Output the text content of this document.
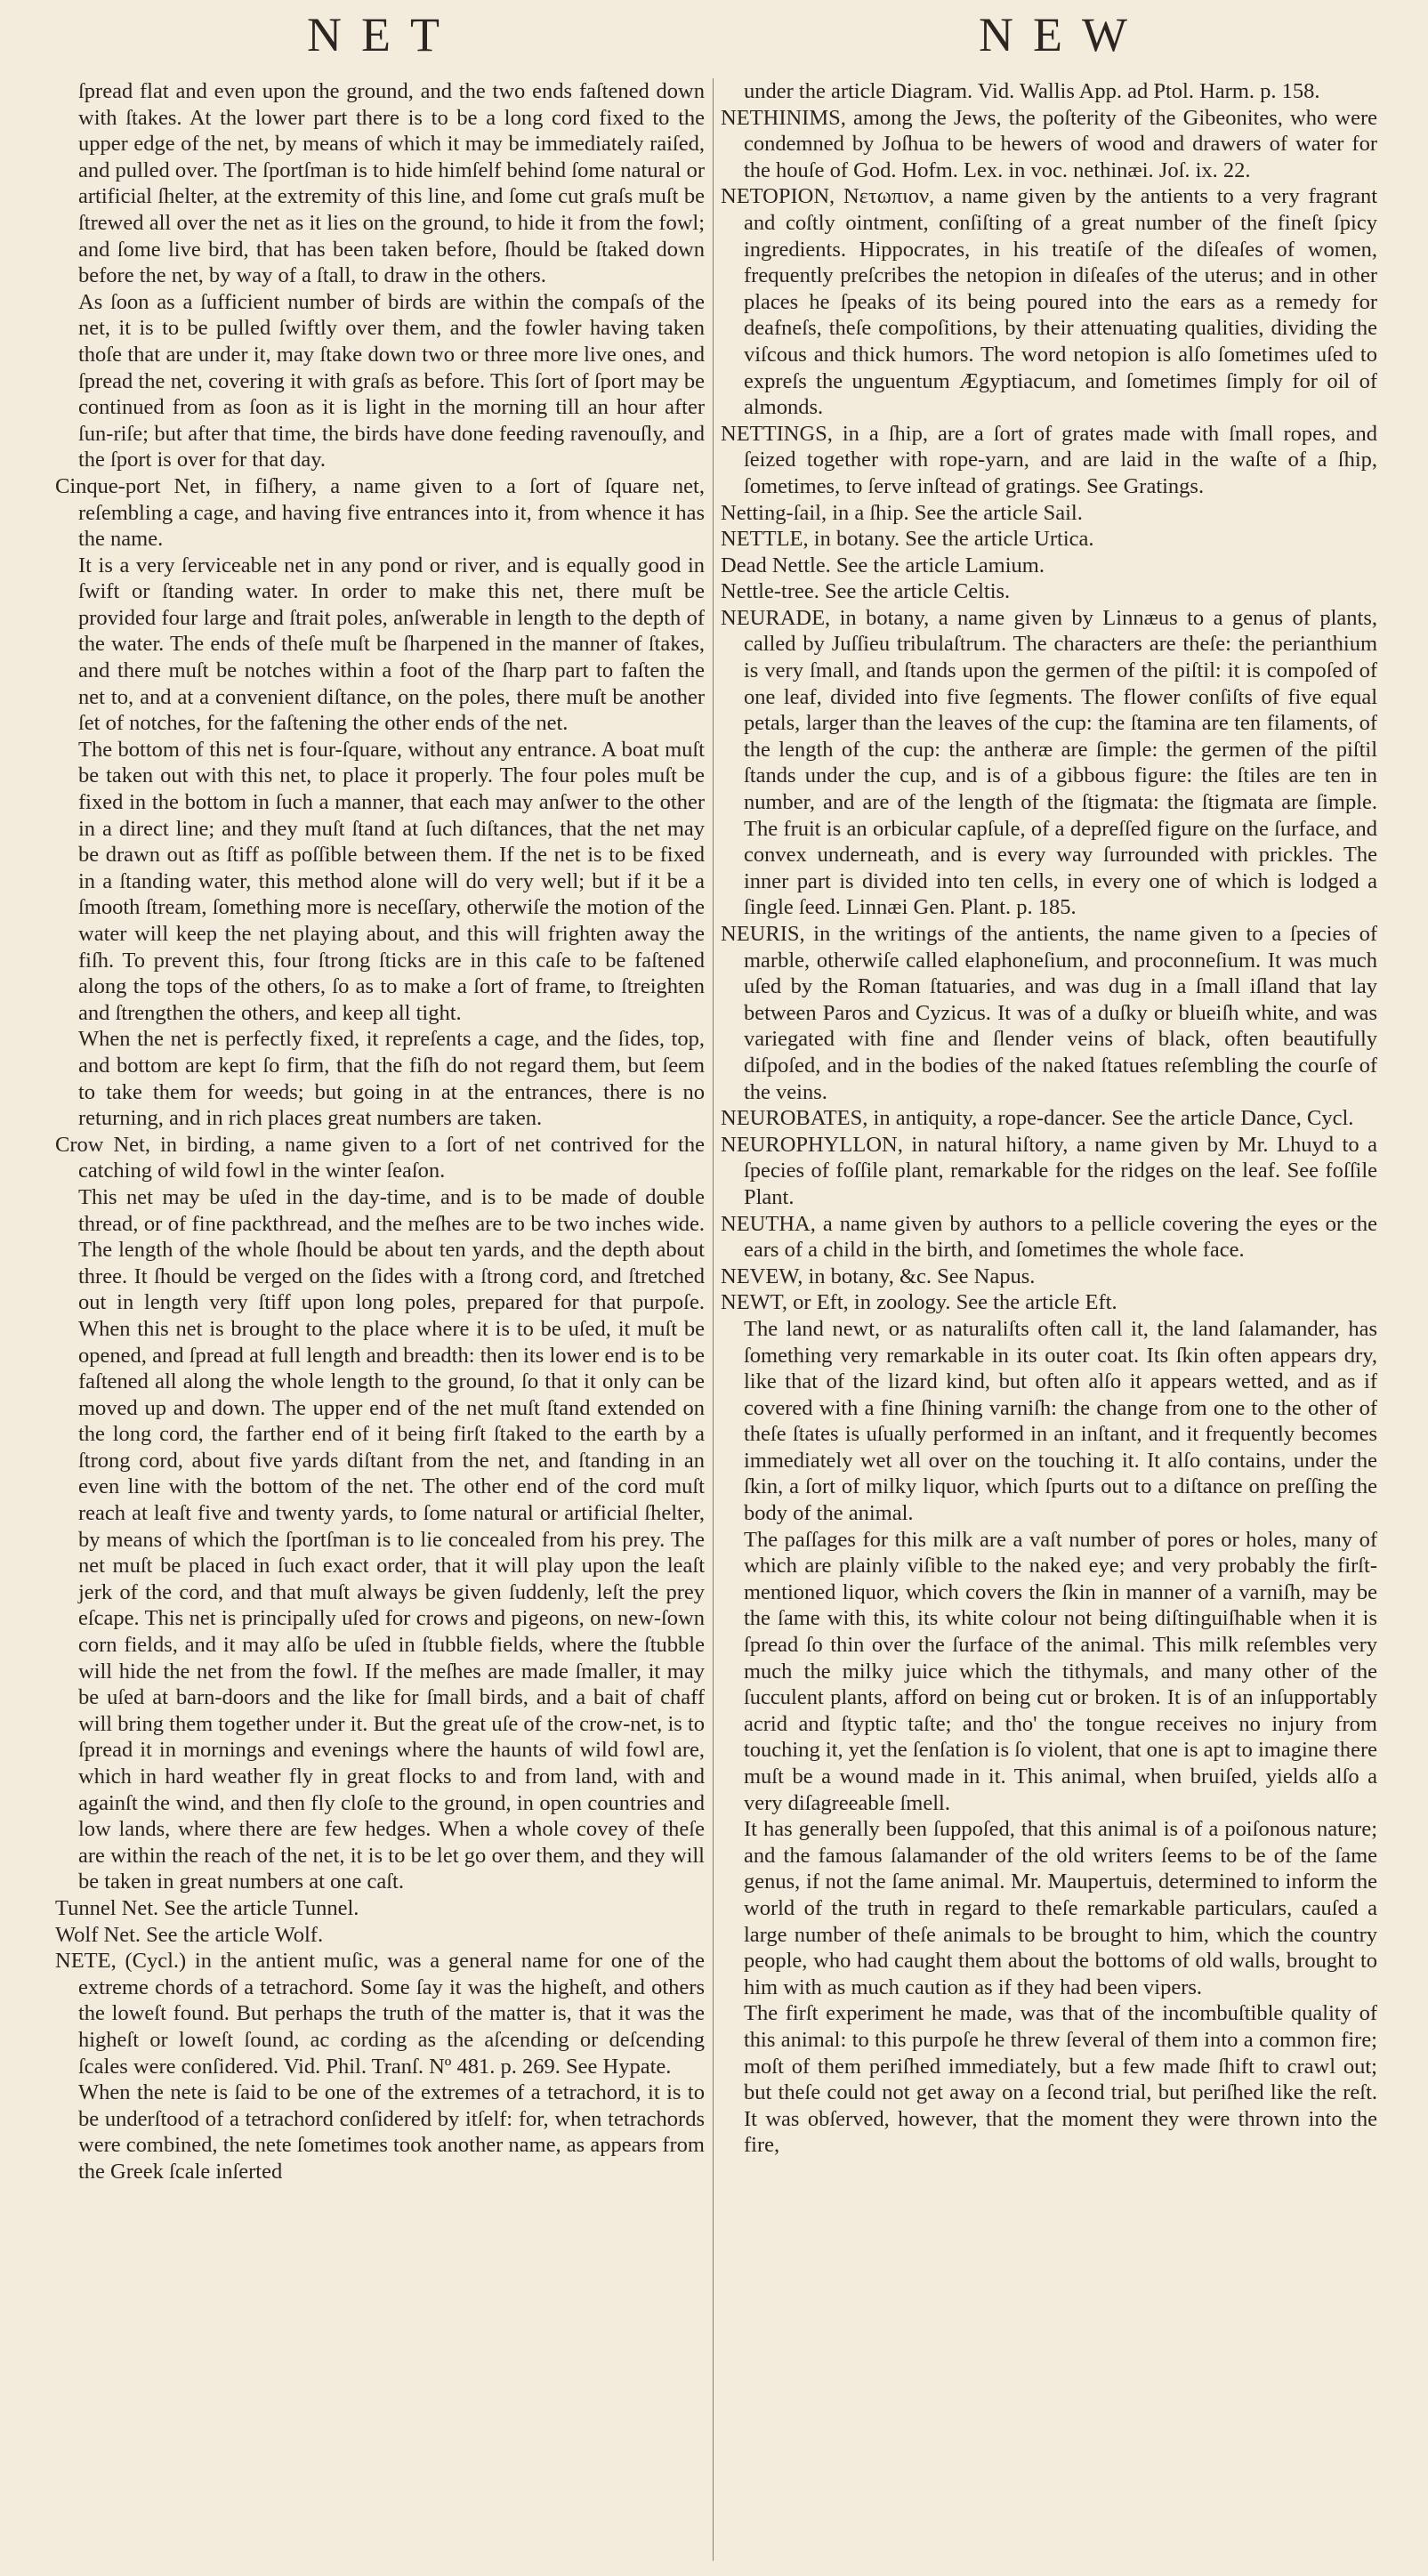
NET	NEW

ſpread flat and even upon the ground, and the two ends faſtened down with ſtakes. At the lower part there is to be a long cord fixed to the upper edge of the net, by means of which it may be immediately raiſed, and pulled over. The ſportſman is to hide himſelf behind ſome natural or artificial ſhelter, at the extremity of this line, and ſome cut graſs muſt be ſtrewed all over the net as it lies on the ground, to hide it from the fowl; and ſome live bird, that has been taken before, ſhould be ſtaked down before the net, by way of a ſtall, to draw in the others.

As ſoon as a ſufficient number of birds are within the compaſs of the net, it is to be pulled ſwiftly over them, and the fowler having taken thoſe that are under it, may ſtake down two or three more live ones, and ſpread the net, covering it with graſs as before. This ſort of ſport may be continued from as ſoon as it is light in the morning till an hour after ſun-riſe; but after that time, the birds have done feeding ravenouſly, and the ſport is over for that day.

Cinque-port Net, in fiſhery, a name given to a ſort of ſquare net, reſembling a cage, and having five entrances into it, from whence it has the name.

It is a very ſerviceable net in any pond or river, and is equally good in ſwift or ſtanding water. In order to make this net, there muſt be provided four large and ſtrait poles, anſwerable in length to the depth of the water. The ends of theſe muſt be ſharpened in the manner of ſtakes, and there muſt be notches within a foot of the ſharp part to faſten the net to, and at a convenient diſtance, on the poles, there muſt be another ſet of notches, for the faſtening the other ends of the net.

The bottom of this net is four-ſquare, without any entrance. A boat muſt be taken out with this net, to place it properly. The four poles muſt be fixed in the bottom in ſuch a manner, that each may anſwer to the other in a direct line; and they muſt ſtand at ſuch diſtances, that the net may be drawn out as ſtiff as poſſible between them. If the net is to be fixed in a ſtanding water, this method alone will do very well; but if it be a ſmooth ſtream, ſomething more is neceſſary, otherwiſe the motion of the water will keep the net playing about, and this will frighten away the fiſh. To prevent this, four ſtrong ſticks are in this caſe to be faſtened along the tops of the others, ſo as to make a ſort of frame, to ſtreighten and ſtrengthen the others, and keep all tight.

When the net is perfectly fixed, it repreſents a cage, and the ſides, top, and bottom are kept ſo firm, that the fiſh do not regard them, but ſeem to take them for weeds; but going in at the entrances, there is no returning, and in rich places great numbers are taken.

Crow Net, in birding, a name given to a ſort of net contrived for the catching of wild fowl in the winter ſeaſon.

This net may be uſed in the day-time, and is to be made of double thread, or of fine packthread, and the meſhes are to be two inches wide. The length of the whole ſhould be about ten yards, and the depth about three. It ſhould be verged on the ſides with a ſtrong cord, and ſtretched out in length very ſtiff upon long poles, prepared for that purpoſe. When this net is brought to the place where it is to be uſed, it muſt be opened, and ſpread at full length and breadth: then its lower end is to be faſtened all along the whole length to the ground, ſo that it only can be moved up and down. The upper end of the net muſt ſtand extended on the long cord, the farther end of it being firſt ſtaked to the earth by a ſtrong cord, about five yards diſtant from the net, and ſtanding in an even line with the bottom of the net. The other end of the cord muſt reach at leaſt five and twenty yards, to ſome natural or artificial ſhelter, by means of which the ſportſman is to lie concealed from his prey. The net muſt be placed in ſuch exact order, that it will play upon the leaſt jerk of the cord, and that muſt always be given ſuddenly, leſt the prey eſcape. This net is principally uſed for crows and pigeons, on new-ſown corn fields, and it may alſo be uſed in ſtubble fields, where the ſtubble will hide the net from the fowl. If the meſhes are made ſmaller, it may be uſed at barn-doors and the like for ſmall birds, and a bait of chaff will bring them together under it. But the great uſe of the crow-net, is to ſpread it in mornings and evenings where the haunts of wild fowl are, which in hard weather fly in great flocks to and from land, with and againſt the wind, and then fly cloſe to the ground, in open countries and low lands, where there are few hedges. When a whole covey of theſe are within the reach of the net, it is to be let go over them, and they will be taken in great numbers at one caſt.

Tunnel Net. See the article Tunnel.

Wolf Net. See the article Wolf.

NETE, (Cycl.) in the antient muſic, was a general name for one of the extreme chords of a tetrachord. Some ſay it was the higheſt, and others the loweſt found. But perhaps the truth of the matter is, that it was the higheſt or loweſt ſound, ac cording as the aſcending or deſcending ſcales were conſidered. Vid. Phil. Tranſ. Nº 481. p. 269. See Hypate.

When the nete is ſaid to be one of the extremes of a tetrachord, it is to be underſtood of a tetrachord conſidered by itſelf: for, when tetrachords were combined, the nete ſometimes took another name, as appears from the Greek ſcale inſerted

under the article Diagram. Vid. Wallis App. ad Ptol. Harm. p. 158.

NETHINIMS, among the Jews, the poſterity of the Gibeonites, who were condemned by Joſhua to be hewers of wood and drawers of water for the houſe of God. Hofm. Lex. in voc. nethinæi. Joſ. ix. 22.

NETOPION, Νετωπιον, a name given by the antients to a very fragrant and coſtly ointment, conſiſting of a great number of the fineſt ſpicy ingredients. Hippocrates, in his treatiſe of the diſeaſes of women, frequently preſcribes the netopion in diſeaſes of the uterus; and in other places he ſpeaks of its being poured into the ears as a remedy for deafneſs, theſe compoſitions, by their attenuating qualities, dividing the viſcous and thick humors. The word netopion is alſo ſometimes uſed to expreſs the unguentum Ægyptiacum, and ſometimes ſimply for oil of almonds.

NETTINGS, in a ſhip, are a ſort of grates made with ſmall ropes, and ſeized together with rope-yarn, and are laid in the waſte of a ſhip, ſometimes, to ſerve inſtead of gratings. See Gratings.

Netting-ſail, in a ſhip. See the article Sail.

NETTLE, in botany. See the article Urtica.

Dead Nettle. See the article Lamium.

Nettle-tree. See the article Celtis.

NEURADE, in botany, a name given by Linnæus to a genus of plants, called by Juſſieu tribulaſtrum. The characters are theſe: the perianthium is very ſmall, and ſtands upon the germen of the piſtil: it is compoſed of one leaf, divided into five ſegments. The flower conſiſts of five equal petals, larger than the leaves of the cup: the ſtamina are ten filaments, of the length of the cup: the antheræ are ſimple: the germen of the piſtil ſtands under the cup, and is of a gibbous figure: the ſtiles are ten in number, and are of the length of the ſtigmata: the ſtigmata are ſimple. The fruit is an orbicular capſule, of a depreſſed figure on the ſurface, and convex underneath, and is every way ſurrounded with prickles. The inner part is divided into ten cells, in every one of which is lodged a ſingle ſeed. Linnæi Gen. Plant. p. 185.

NEURIS, in the writings of the antients, the name given to a ſpecies of marble, otherwiſe called elaphoneſium, and proconneſium. It was much uſed by the Roman ſtatuaries, and was dug in a ſmall iſland that lay between Paros and Cyzicus. It was of a duſky or blueiſh white, and was variegated with fine and ſlender veins of black, often beautifully diſpoſed, and in the bodies of the naked ſtatues reſembling the courſe of the veins.

NEUROBATES, in antiquity, a rope-dancer. See the article Dance, Cycl.

NEUROPHYLLON, in natural hiſtory, a name given by Mr. Lhuyd to a ſpecies of foſſile plant, remarkable for the ridges on the leaf. See foſſile Plant.

NEUTHA, a name given by authors to a pellicle covering the eyes or the ears of a child in the birth, and ſometimes the whole face.

NEVEW, in botany, &c. See Napus.

NEWT, or Eft, in zoology. See the article Eft.

The land newt, or as naturaliſts often call it, the land ſalamander, has ſomething very remarkable in its outer coat. Its ſkin often appears dry, like that of the lizard kind, but often alſo it appears wetted, and as if covered with a fine ſhining varniſh: the change from one to the other of theſe ſtates is uſually performed in an inſtant, and it frequently becomes immediately wet all over on the touching it. It alſo contains, under the ſkin, a ſort of milky liquor, which ſpurts out to a diſtance on preſſing the body of the animal.

The paſſages for this milk are a vaſt number of pores or holes, many of which are plainly viſible to the naked eye; and very probably the firſt-mentioned liquor, which covers the ſkin in manner of a varniſh, may be the ſame with this, its white colour not being diſtinguiſhable when it is ſpread ſo thin over the ſurface of the animal. This milk reſembles very much the milky juice which the tithymals, and many other of the ſucculent plants, afford on being cut or broken. It is of an inſupportably acrid and ſtyptic taſte; and tho' the tongue receives no injury from touching it, yet the ſenſation is ſo violent, that one is apt to imagine there muſt be a wound made in it. This animal, when bruiſed, yields alſo a very diſagreeable ſmell.

It has generally been ſuppoſed, that this animal is of a poiſonous nature; and the famous ſalamander of the old writers ſeems to be of the ſame genus, if not the ſame animal. Mr. Maupertuis, determined to inform the world of the truth in regard to theſe remarkable particulars, cauſed a large number of theſe animals to be brought to him, which the country people, who had caught them about the bottoms of old walls, brought to him with as much caution as if they had been vipers.

The firſt experiment he made, was that of the incombuſtible quality of this animal: to this purpoſe he threw ſeveral of them into a common fire; moſt of them periſhed immediately, but a few made ſhift to crawl out; but theſe could not get away on a ſecond trial, but periſhed like the reſt. It was obſerved, however, that the moment they were thrown into the fire,
